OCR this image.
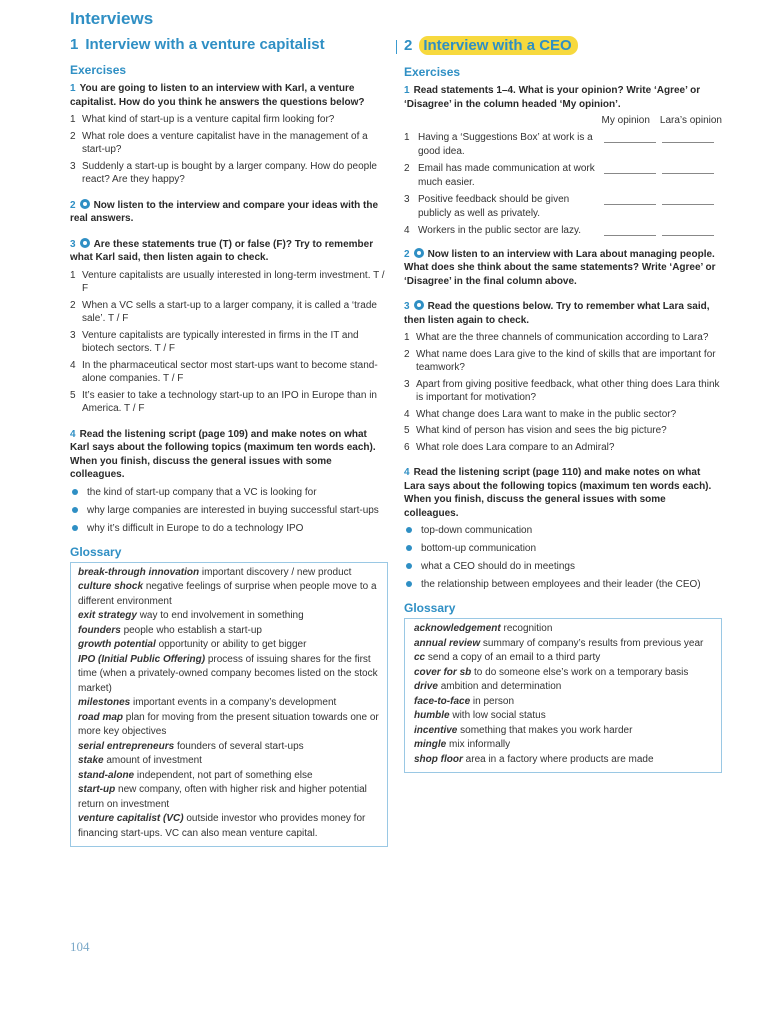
Interviews
1 Interview with a venture capitalist
Exercises
1 You are going to listen to an interview with Karl, a venture capitalist. How do you think he answers the questions below?
1 What kind of start-up is a venture capital firm looking for?
2 What role does a venture capitalist have in the management of a start-up?
3 Suddenly a start-up is bought by a larger company. How do people react? Are they happy?
2 Now listen to the interview and compare your ideas with the real answers.
3 Are these statements true (T) or false (F)? Try to remember what Karl said, then listen again to check.
1 Venture capitalists are usually interested in long-term investment. T / F
2 When a VC sells a start-up to a larger company, it is called a ‘trade sale’. T / F
3 Venture capitalists are typically interested in firms in the IT and biotech sectors. T / F
4 In the pharmaceutical sector most start-ups want to become stand-alone companies. T / F
5 It’s easier to take a technology start-up to an IPO in Europe than in America. T / F
4 Read the listening script (page 109) and make notes on what Karl says about the following topics (maximum ten words each). When you finish, discuss the general issues with some colleagues.
the kind of start-up company that a VC is looking for
why large companies are interested in buying successful start-ups
why it’s difficult in Europe to do a technology IPO
Glossary

break-through innovation important discovery / new product

culture shock negative feelings of surprise when people move to a different environment

exit strategy way to end involvement in something

founders people who establish a start-up

growth potential opportunity or ability to get bigger

IPO (Initial Public Offering) process of issuing shares for the first time (when a privately-owned company becomes listed on the stock market)

milestones important events in a company’s development

road map plan for moving from the present situation towards one or more key objectives

serial entrepreneurs founders of several start-ups

stake amount of investment

stand-alone independent, not part of something else

start-up new company, often with higher risk and higher potential return on investment

venture capitalist (VC) outside investor who provides money for financing start-ups. VC can also mean venture capital.

2 Interview with a CEO
Exercises
1 Read statements 1–4. What is your opinion? Write ‘Agree’ or ‘Disagree’ in the column headed ‘My opinion’.
My opinion Lara’s opinion
1 Having a ‘Suggestions Box’ at work is a good idea.
2 Email has made communication at work much easier.
3 Positive feedback should be given publicly as well as privately.
4 Workers in the public sector are lazy.
2 Now listen to an interview with Lara about managing people. What does she think about the same statements? Write ‘Agree’ or ‘Disagree’ in the final column above.
3 Read the questions below. Try to remember what Lara said, then listen again to check.
1 What are the three channels of communication according to Lara?
2 What name does Lara give to the kind of skills that are important for teamwork?
3 Apart from giving positive feedback, what other thing does Lara think is important for motivation?
4 What change does Lara want to make in the public sector?
5 What kind of person has vision and sees the big picture?
6 What role does Lara compare to an Admiral?
4 Read the listening script (page 110) and make notes on what Lara says about the following topics (maximum ten words each). When you finish, discuss the general issues with some colleagues.
top-down communication
bottom-up communication
what a CEO should do in meetings
the relationship between employees and their leader (the CEO)
Glossary

acknowledgement recognition

annual review summary of company’s results from previous year

cc send a copy of an email to a third party

cover for sb to do someone else’s work on a temporary basis

drive ambition and determination

face-to-face in person

humble with low social status

incentive something that makes you work harder

mingle mix informally

shop floor area in a factory where products are made

104
